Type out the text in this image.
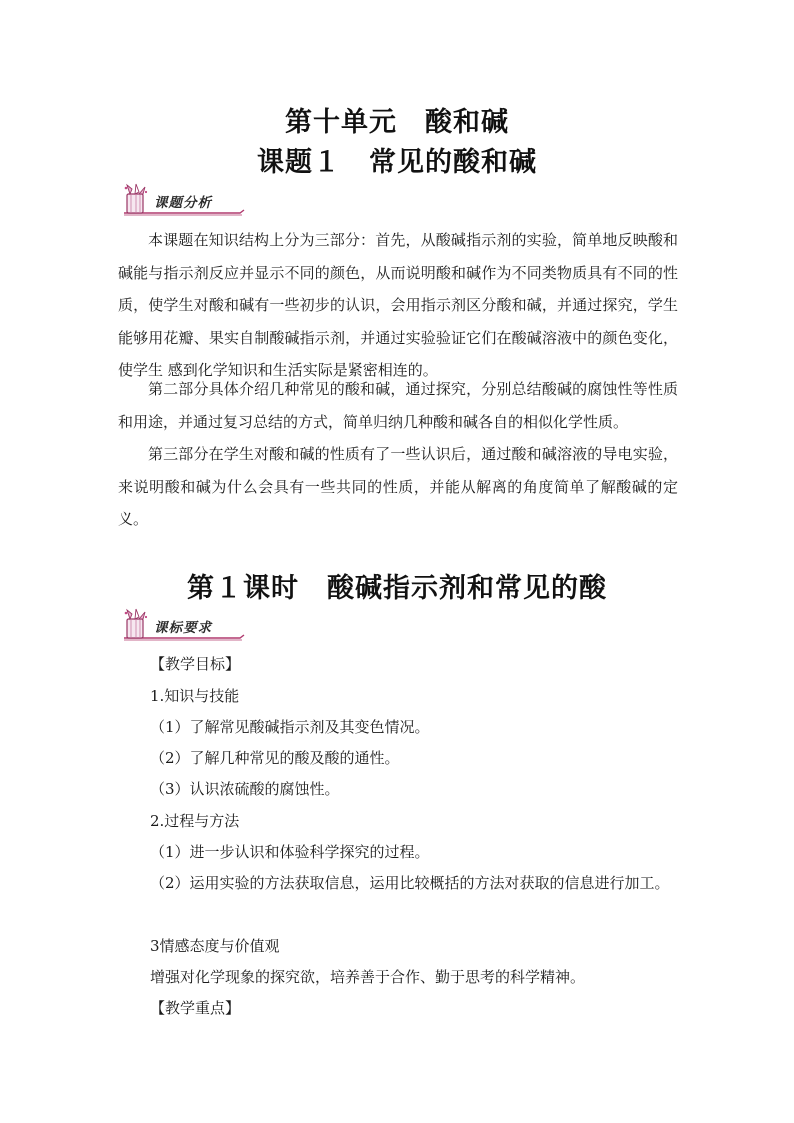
第十单元　酸和碱
课题１　常见的酸和碱
课题分析

本课题在知识结构上分为三部分：首先，从酸碱指示剂的实验，简单地反映酸和碱能与指示剂反应并显示不同的颜色，从而说明酸和碱作为不同类物质具有不同的性质，使学生对酸和碱有一些初步的认识，会用指示剂区分酸和碱，并通过探究，学生能够用花瓣、果实自制酸碱指示剂，并通过实验验证它们在酸碱溶液中的颜色变化，使学生 感到化学知识和生活实际是紧密相连的。

第二部分具体介绍几种常见的酸和碱，通过探究，分别总结酸碱的腐蚀性等性质和用途，并通过复习总结的方式，简单归纳几种酸和碱各自的相似化学性质。

第三部分在学生对酸和碱的性质有了一些认识后，通过酸和碱溶液的导电实验，来说明酸和碱为什么会具有一些共同的性质，并能从解离的角度简单了解酸碱的定义。

第１课时　酸碱指示剂和常见的酸
课标要求

【教学目标】

1.知识与技能

（1）了解常见酸碱指示剂及其变色情况。

（2）了解几种常见的酸及酸的通性。

（3）认识浓硫酸的腐蚀性。

2.过程与方法

（1）进一步认识和体验科学探究的过程。

（2）运用实验的方法获取信息，运用比较概括的方法对获取的信息进行加工。

3情感态度与价值观

增强对化学现象的探究欲，培养善于合作、勤于思考的科学精神。

【教学重点】
